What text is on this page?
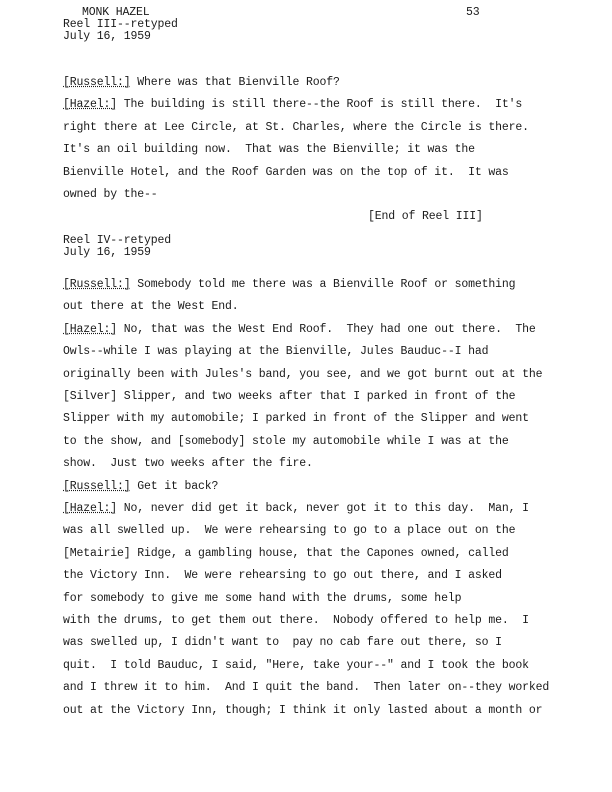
MONK HAZEL
Reel III--retyped
July 16, 1959
53
[Russell:] Where was that Bienville Roof?
[Hazel:] The building is still there--the Roof is still there.  It's
right there at Lee Circle, at St. Charles, where the Circle is there.
It's an oil building now.  That was the Bienville; it was the
Bienville Hotel, and the Roof Garden was on the top of it.  It was
owned by the--
[End of Reel III]
Reel IV--retyped
July 16, 1959
[Russell:] Somebody told me there was a Bienville Roof or something
out there at the West End.
[Hazel:] No, that was the West End Roof.  They had one out there.  The
Owls--while I was playing at the Bienville, Jules Bauduc--I had
originally been with Jules's band, you see, and we got burnt out at the
[Silver] Slipper, and two weeks after that I parked in front of the
Slipper with my automobile; I parked in front of the Slipper and went
to the show, and [somebody] stole my automobile while I was at the
show.  Just two weeks after the fire.
[Russell:] Get it back?
[Hazel:] No, never did get it back, never got it to this day.  Man, I
was all swelled up.  We were rehearsing to go to a place out on the
[Metairie] Ridge, a gambling house, that the Capones owned, called
the Victory Inn.  We were rehearsing to go out there, and I asked
for somebody to give me some hand with the drums, some help
with the drums, to get them out there.  Nobody offered to help me.  I
was swelled up, I didn't want to  pay no cab fare out there, so I
quit.  I told Bauduc, I said, "Here, take your--" and I took the book
and I threw it to him.  And I quit the band.  Then later on--they worked
out at the Victory Inn, though; I think it only lasted about a month or
